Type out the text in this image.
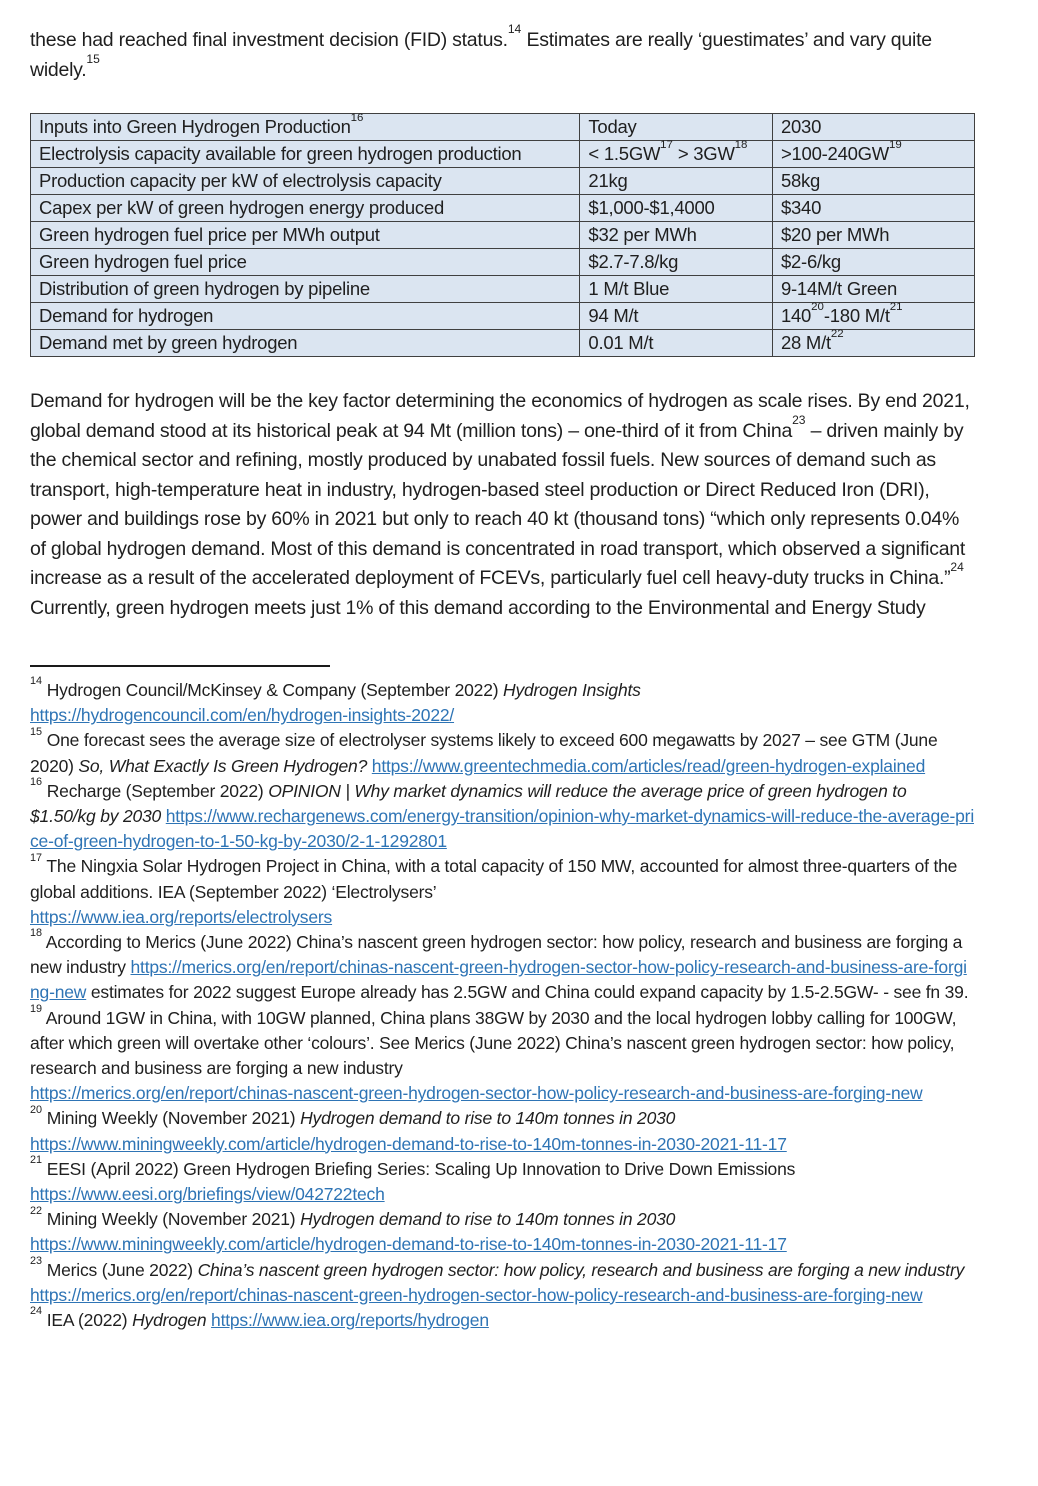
these had reached final investment decision (FID) status.$^{14}$ Estimates are really ‘guestimates’ and vary quite widely.$^{15}$

Inputs into Green Hydrogen Production$^{16}$	Today	2030
Electrolysis capacity available for green hydrogen production	< $1.5GW^{17} > 3GW^{18}$	$>100-240GW^{19}$
Production capacity per kW of electrolysis capacity	21kg	58kg
Capex per kW of green hydrogen energy produced	$1,000-$1,4000	$340
Green hydrogen fuel price per MWh output	$32 per MWh	$20 per MWh
Green hydrogen fuel price	$2.7-7.8/kg	$2-6/kg
Distribution of green hydrogen by pipeline	1 M/t Blue	9-14M/t Green
Demand for hydrogen	94 M/t	$140^{20}-180$ $M/t^{21}$
Demand met by green hydrogen	0.01 M/t	28 $M/t^{22}$

Demand for hydrogen will be the key factor determining the economics of hydrogen as scale rises. By end 2021, global demand stood at its historical peak at 94 Mt (million tons) – one-third of it from China$^{23}$ – driven mainly by the chemical sector and refining, mostly produced by unabated fossil fuels. New sources of demand such as transport, high-temperature heat in industry, hydrogen-based steel production or Direct Reduced Iron (DRI), power and buildings rose by 60% in 2021 but only to reach 40 kt (thousand tons) “which only represents 0.04% of global hydrogen demand. Most of this demand is concentrated in road transport, which observed a significant increase as a result of the accelerated deployment of FCEVs, particularly fuel cell heavy-duty trucks in China.”$^{24}$ Currently, green hydrogen meets just 1% of this demand according to the Environmental and Energy Study

$^{14}$ Hydrogen Council/McKinsey & Company (September 2022) Hydrogen Insights
https://hydrogencouncil.com/en/hydrogen-insights-2022/
$^{15}$ One forecast sees the average size of electrolyser systems likely to exceed 600 megawatts by 2027 – see GTM (June 2020) So, What Exactly Is Green Hydrogen? https://www.greentechmedia.com/articles/read/green-hydrogen-explained
$^{16}$ Recharge (September 2022) OPINION | Why market dynamics will reduce the average price of green hydrogen to $1.50/kg by 2030 https://www.rechargenews.com/energy-transition/opinion-why-market-dynamics-will-reduce-the-average-price-of-green-hydrogen-to-1-50-kg-by-2030/2-1-1292801
$^{17}$ The Ningxia Solar Hydrogen Project in China, with a total capacity of 150 MW, accounted for almost three-quarters of the global additions. IEA (September 2022) ‘Electrolysers’
https://www.iea.org/reports/electrolysers
$^{18}$ According to Merics (June 2022) China’s nascent green hydrogen sector: how policy, research and business are forging a new industry https://merics.org/en/report/chinas-nascent-green-hydrogen-sector-how-policy-research-and-business-are-forging-new estimates for 2022 suggest Europe already has 2.5GW and China could expand capacity by 1.5-2.5GW- - see fn 39.
$^{19}$ Around 1GW in China, with 10GW planned, China plans 38GW by 2030 and the local hydrogen lobby calling for 100GW, after which green will overtake other ‘colours’. See Merics (June 2022) China’s nascent green hydrogen sector: how policy, research and business are forging a new industry
https://merics.org/en/report/chinas-nascent-green-hydrogen-sector-how-policy-research-and-business-are-forging-new
$^{20}$ Mining Weekly (November 2021) Hydrogen demand to rise to 140m tonnes in 2030
https://www.miningweekly.com/article/hydrogen-demand-to-rise-to-140m-tonnes-in-2030-2021-11-17
$^{21}$ EESI (April 2022) Green Hydrogen Briefing Series: Scaling Up Innovation to Drive Down Emissions
https://www.eesi.org/briefings/view/042722tech
$^{22}$ Mining Weekly (November 2021) Hydrogen demand to rise to 140m tonnes in 2030
https://www.miningweekly.com/article/hydrogen-demand-to-rise-to-140m-tonnes-in-2030-2021-11-17
$^{23}$ Merics (June 2022) China’s nascent green hydrogen sector: how policy, research and business are forging a new industry https://merics.org/en/report/chinas-nascent-green-hydrogen-sector-how-policy-research-and-business-are-forging-new
$^{24}$ IEA (2022) Hydrogen https://www.iea.org/reports/hydrogen
